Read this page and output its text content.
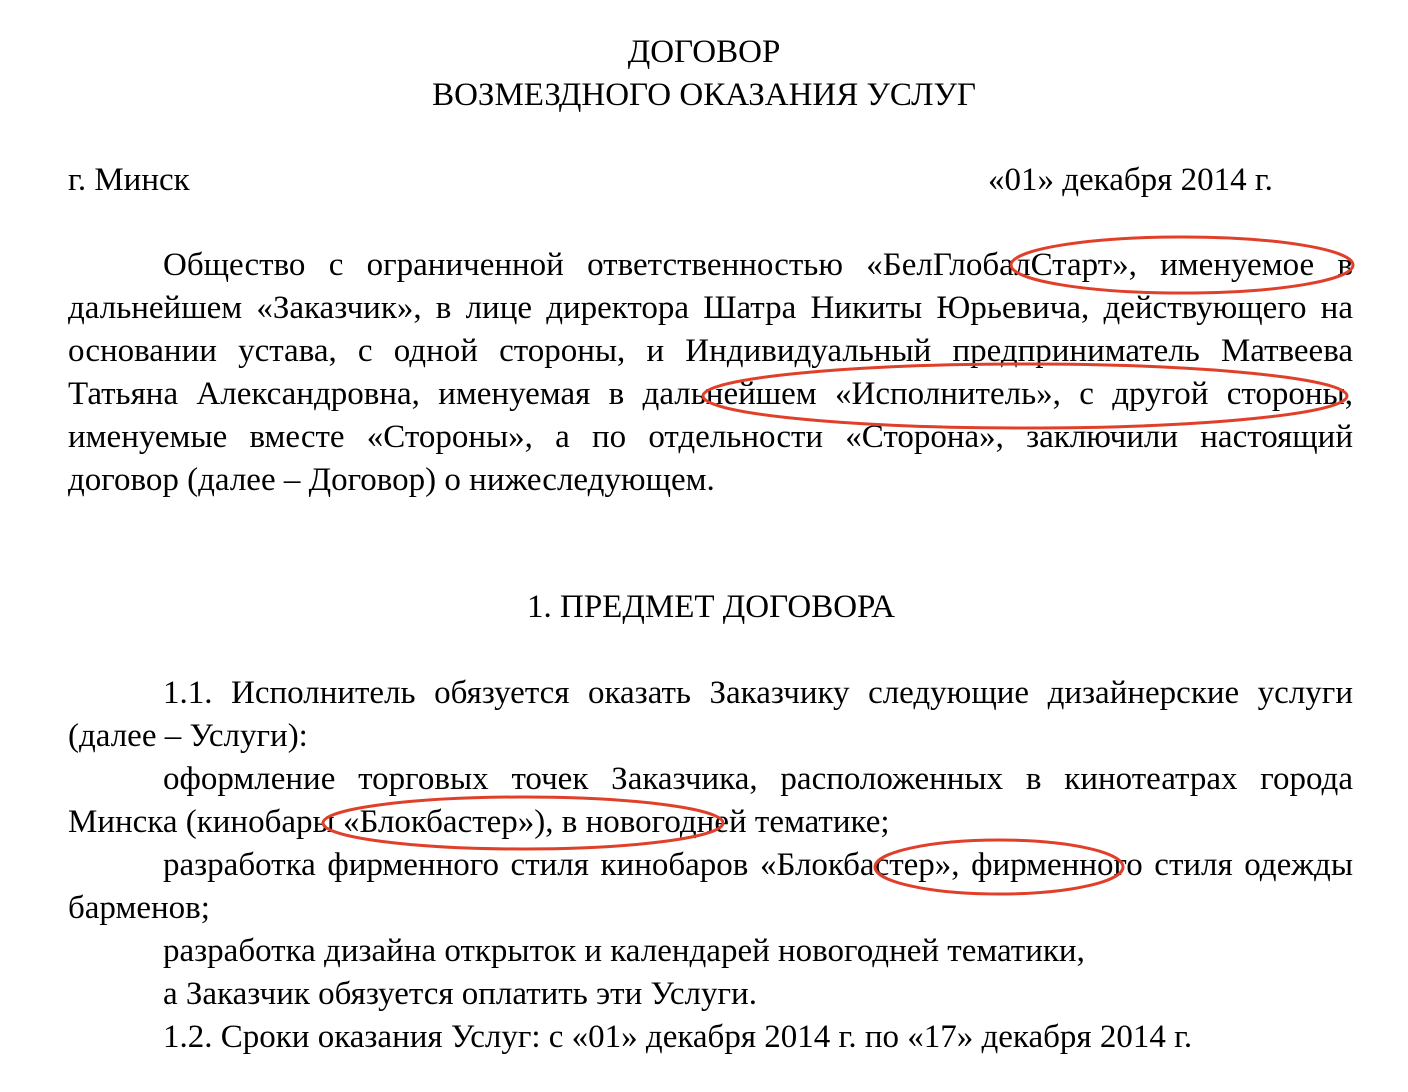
ДОГОВОР
ВОЗМЕЗДНОГО ОКАЗАНИЯ УСЛУГ
г. Минск	«01» декабря 2014 г.
Общество с ограниченной ответственностью «БелГлобалСтарт», именуемое в дальнейшем «Заказчик», в лице директора Шатра Никиты Юрьевича, действующего на основании устава, с одной стороны, и Индивидуальный предприниматель Матвеева Татьяна Александровна, именуемая в дальнейшем «Исполнитель», с другой стороны, именуемые вместе «Стороны», а по отдельности «Сторона», заключили настоящий договор (далее – Договор) о нижеследующем.
1. ПРЕДМЕТ ДОГОВОРА
1.1. Исполнитель обязуется оказать Заказчику следующие дизайнерские услуги (далее – Услуги):
оформление торговых точек Заказчика, расположенных в кинотеатрах города Минска (кинобары «Блокбастер»), в новогодней тематике;
разработка фирменного стиля кинобаров «Блокбастер», фирменного стиля одежды барменов;
разработка дизайна открыток и календарей новогодней тематики,
а Заказчик обязуется оплатить эти Услуги.
1.2. Сроки оказания Услуг: с «01» декабря 2014 г. по «17» декабря 2014 г.
